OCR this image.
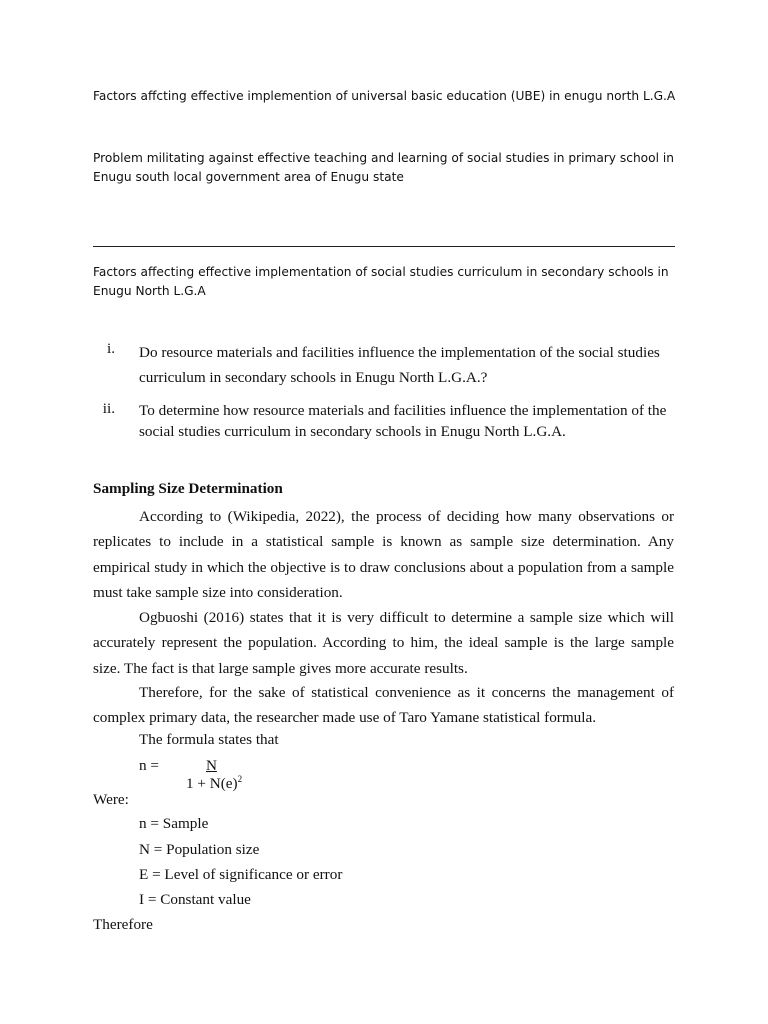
Factors affcting effective implemention of universal basic education (UBE) in enugu north L.G.A
Problem militating against effective teaching and learning of social studies in primary school in Enugu south local government area of Enugu state
Factors affecting effective implementation of social studies curriculum in secondary schools in Enugu North L.G.A
i. Do resource materials and facilities influence the implementation of the social studies curriculum in secondary schools in Enugu North L.G.A.?
ii. To determine how resource materials and facilities influence the implementation of the social studies curriculum in secondary schools in Enugu North L.G.A.
Sampling Size Determination
According to (Wikipedia, 2022), the process of deciding how many observations or replicates to include in a statistical sample is known as sample size determination. Any empirical study in which the objective is to draw conclusions about a population from a sample must take sample size into consideration.
Ogbuoshi (2016) states that it is very difficult to determine a sample size which will accurately represent the population. According to him, the ideal sample is the large sample size. The fact is that large sample gives more accurate results.
Therefore, for the sake of statistical convenience as it concerns the management of complex primary data, the researcher made use of Taro Yamane statistical formula.
The formula states that
n =	N
$1 + N(e)^2$
Were:
n = Sample
N = Population size
E = Level of significance or error
I = Constant value
Therefore
